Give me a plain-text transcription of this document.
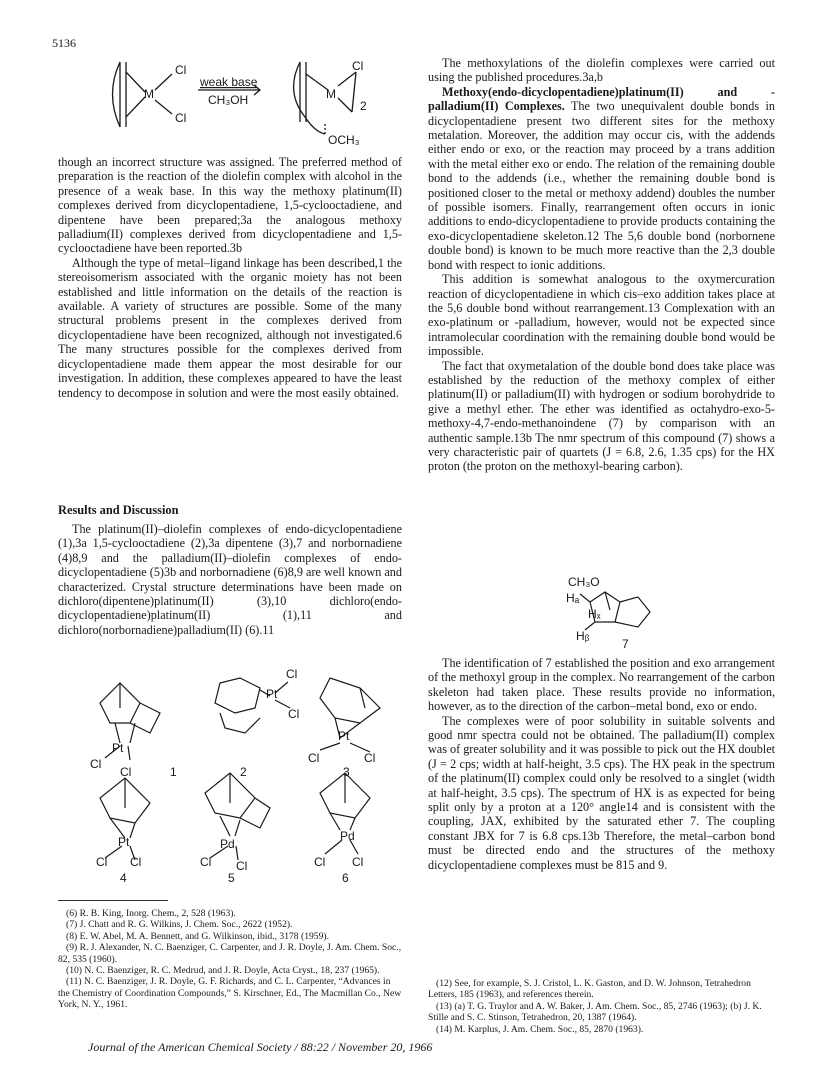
5136
Cl
M
Cl
weak base
CH₃OH
Cl
M
2
OCH₃

though an incorrect structure was assigned. The preferred method of preparation is the reaction of the diolefin complex with alcohol in the presence of a weak base. In this way the methoxy platinum(II) complexes derived from dicyclopentadiene, 1,5-cyclooctadiene, and dipentene have been prepared;3a the analogous methoxy palladium(II) complexes derived from dicyclopentadiene and 1,5-cyclooctadiene have been reported.3b

Although the type of metal–ligand linkage has been described,1 the stereoisomerism associated with the organic moiety has not been established and little information on the details of the reaction is available. A variety of structures are possible. Some of the many structural problems present in the complexes derived from dicyclopentadiene have been recognized, although not investigated.6 The many structures possible for the complexes derived from dicyclopentadiene made them appear the most desirable for our investigation. In addition, these complexes appeared to have the least tendency to decompose in solution and were the most easily obtained.

Results and Discussion

The platinum(II)–diolefin complexes of endo-dicyclopentadiene (1),3a 1,5-cyclooctadiene (2),3a dipentene (3),7 and norbornadiene (4)8,9 and the palladium(II)–diolefin complexes of endo-dicyclopentadiene (5)3b and norbornadiene (6)8,9 are well known and characterized. Crystal structure determinations have been made on dichloro(dipentene)platinum(II) (3),10 dichloro(endo-dicyclopentadiene)platinum(II) (1),11 and dichloro(norbornadiene)palladium(II) (6).11

Pt
Cl
Cl	1
Pt
Cl
Cl
2
Pt
Cl	Cl
3
Pt
Cl Cl
4
Pd
Cl Cl
5
Pd
Cl Cl
6
(6) R. B. King, Inorg. Chem., 2, 528 (1963).
(7) J. Chatt and R. G. Wilkins, J. Chem. Soc., 2622 (1952).
(8) E. W. Abel, M. A. Bennett, and G. Wilkinson, ibid., 3178 (1959).
(9) R. J. Alexander, N. C. Baenziger, C. Carpenter, and J. R. Doyle, J. Am. Chem. Soc., 82, 535 (1960).
(10) N. C. Baenziger, R. C. Medrud, and J. R. Doyle, Acta Cryst., 18, 237 (1965).
(11) N. C. Baenziger, J. R. Doyle, G. F. Richards, and C. L. Carpenter, “Advances in the Chemistry of Coordination Compounds,” S. Kirschner, Ed., The Macmillan Co., New York, N. Y., 1961.

The methoxylations of the diolefin complexes were carried out using the published procedures.3a,b

Methoxy(endo-dicyclopentadiene)platinum(II) and -palladium(II) Complexes. The two unequivalent double bonds in dicyclopentadiene present two different sites for the methoxy metalation. Moreover, the addition may occur cis, with the addends either endo or exo, or the reaction may proceed by a trans addition with the metal either exo or endo. The relation of the remaining double bond to the addends (i.e., whether the remaining double bond is positioned closer to the metal or methoxy addend) doubles the number of possible isomers. Finally, rearrangement often occurs in ionic additions to endo-dicyclopentadiene to provide products containing the exo-dicyclopentadiene skeleton.12 The 5,6 double bond (norbornene double bond) is known to be much more reactive than the 2,3 double bond with respect to ionic additions.

This addition is somewhat analogous to the oxymercuration reaction of dicyclopentadiene in which cis–exo addition takes place at the 5,6 double bond without rearrangement.13 Complexation with an exo-platinum or -palladium, however, would not be expected since intramolecular coordination with the remaining double bond would be impossible.

The fact that oxymetalation of the double bond does take place was established by the reduction of the methoxy complex of either platinum(II) or palladium(II) with hydrogen or sodium borohydride to give a methyl ether. The ether was identified as octahydro-exo-5-methoxy-4,7-endo-methanoindene (7) by comparison with an authentic sample.13b The nmr spectrum of this compound (7) shows a very characteristic pair of quartets (J = 6.8, 2.6, 1.35 cps) for the HX proton (the proton on the methoxyl-bearing carbon).

CH₃O
Hₐ
Hₓ
Hᵦ
7

The identification of 7 established the position and exo arrangement of the methoxyl group in the complex. No rearrangement of the carbon skeleton had taken place. These results provide no information, however, as to the direction of the carbon–metal bond, exo or endo.

The complexes were of poor solubility in suitable solvents and good nmr spectra could not be obtained. The palladium(II) complex was of greater solubility and it was possible to pick out the HX doublet (J = 2 cps; width at half-height, 3.5 cps). The HX peak in the spectrum of the platinum(II) complex could only be resolved to a singlet (width at half-height, 3.5 cps). The spectrum of HX is as expected for being split only by a proton at a 120° angle14 and is consistent with the coupling, JAX, exhibited by the saturated ether 7. The coupling constant JBX for 7 is 6.8 cps.13b Therefore, the metal–carbon bond must be directed endo and the structures of the methoxy dicyclopentadiene complexes must be 815 and 9.

(12) See, for example, S. J. Cristol, L. K. Gaston, and D. W. Johnson, Tetrahedron Letters, 185 (1963), and references therein.
(13) (a) T. G. Traylor and A. W. Baker, J. Am. Chem. Soc., 85, 2746 (1963); (b) J. K. Stille and S. C. Stinson, Tetrahedron, 20, 1387 (1964).
(14) M. Karplus, J. Am. Chem. Soc., 85, 2870 (1963).
Journal of the American Chemical Society / 88:22 / November 20, 1966
